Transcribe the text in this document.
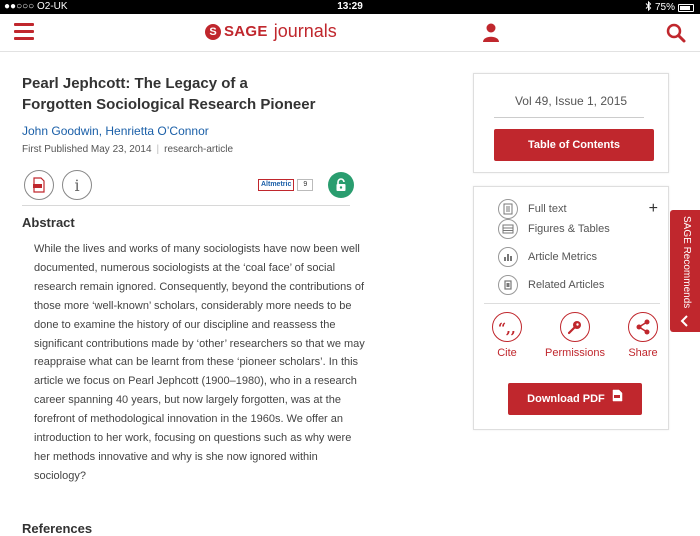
●●○○○ O2-UK	13:29	75%
S SAGE journals
Pearl Jephcott: The Legacy of a Forgotten Sociological Research Pioneer
John Goodwin, Henrietta O’Connor
First Published May 23, 2014 | research-article
i	Altmetric	9
Abstract

While the lives and works of many sociologists have now been well documented, numerous sociologists at the ‘coal face’ of social research remain ignored. Consequently, beyond the contributions of those more ‘well-known’ scholars, considerably more needs to be done to examine the history of our discipline and reassess the significant contributions made by ‘other’ researchers so that we may reappraise what can be learnt from these ‘pioneer scholars’. In this article we focus on Pearl Jephcott (1900–1980), who in a research career spanning 40 years, but now largely forgotten, was at the forefront of methodological innovation in the 1960s. We offer an introduction to her work, focusing on questions such as why were her methods innovative and why is she now ignored within sociology?

References
Vol 49, Issue 1, 2015
Table of Contents
Full text	+
Figures & Tables
Article Metrics
Related Articles
“,,
Cite	Permissions	Share
Download PDF
SAGE Recommends
